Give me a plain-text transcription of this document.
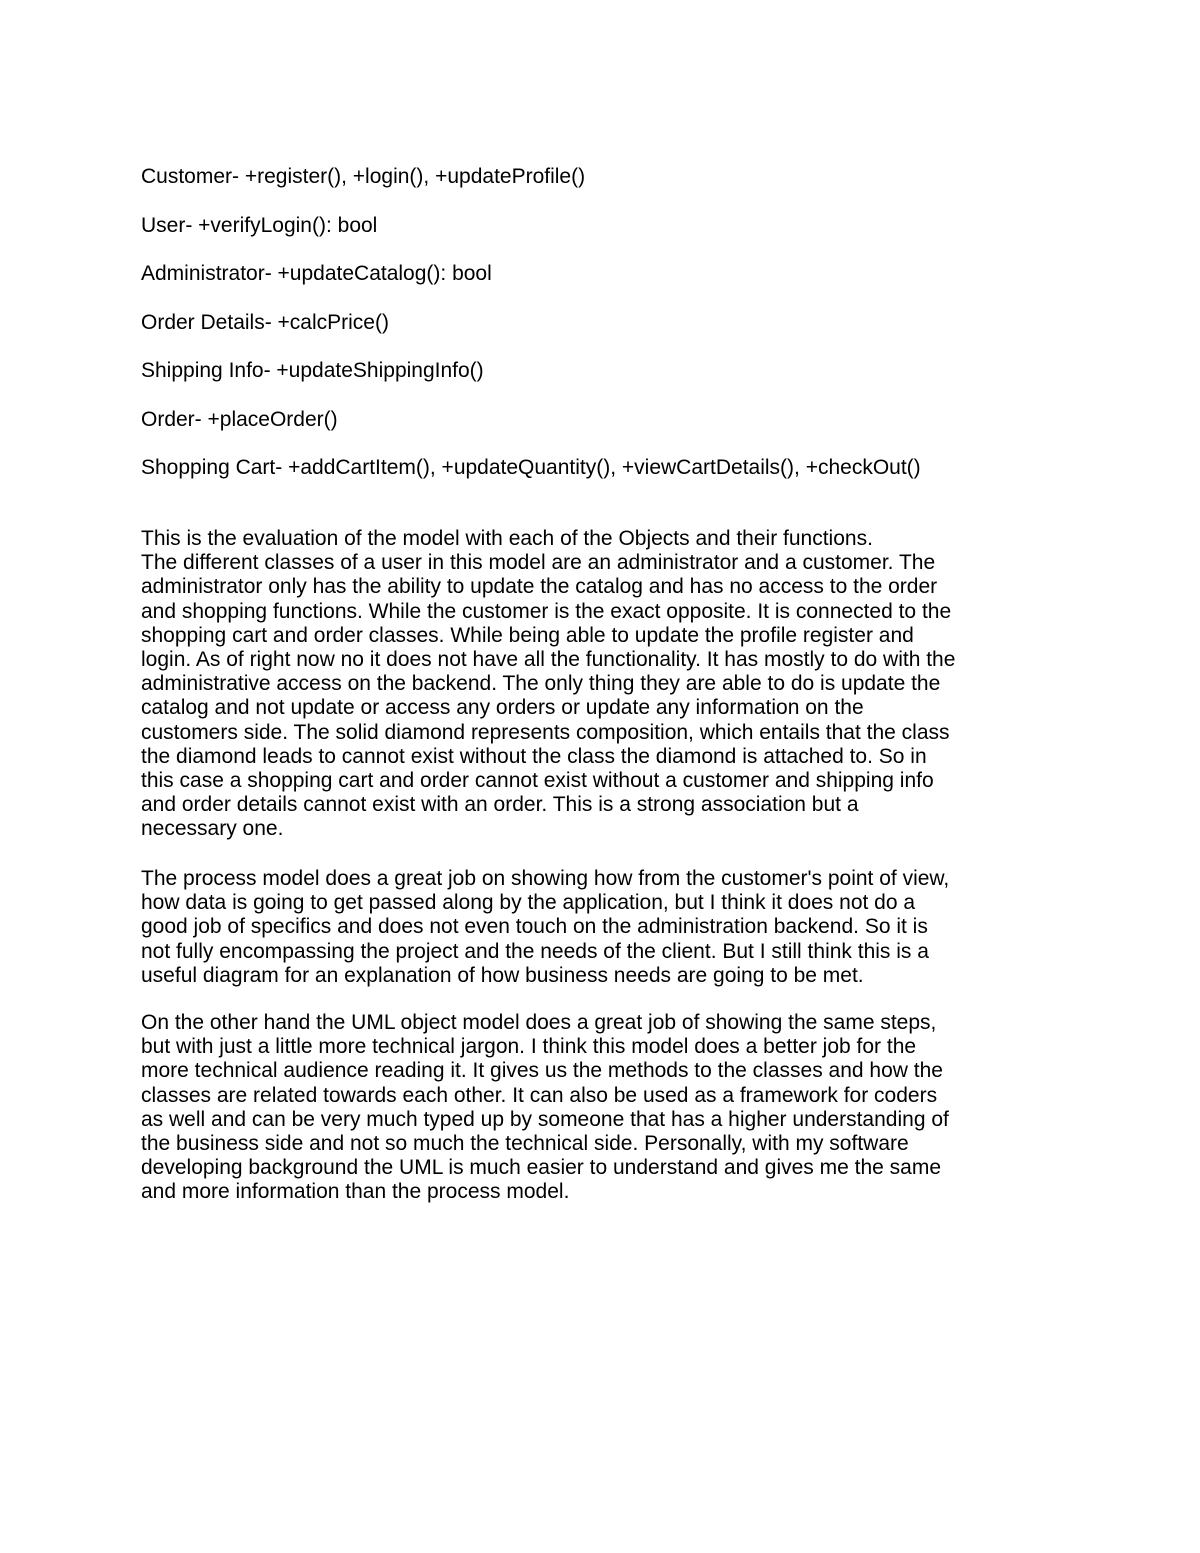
Customer- +register(), +login(), +updateProfile()
User- +verifyLogin(): bool
Administrator- +updateCatalog(): bool
Order Details- +calcPrice()
Shipping Info- +updateShippingInfo()
Order- +placeOrder()
Shopping Cart- +addCartItem(), +updateQuantity(), +viewCartDetails(), +checkOut()
This is the evaluation of the model with each of the Objects and their functions.
The different classes of a user in this model are an administrator and a customer. The
administrator only has the ability to update the catalog and has no access to the order
and shopping functions. While the customer is the exact opposite. It is connected to the
shopping cart and order classes. While being able to update the profile register and
login. As of right now no it does not have all the functionality. It has mostly to do with the
administrative access on the backend. The only thing they are able to do is update the
catalog and not update or access any orders or update any information on the
customers side. The solid diamond represents composition, which entails that the class
the diamond leads to cannot exist without the class the diamond is attached to. So in
this case a shopping cart and order cannot exist without a customer and shipping info
and order details cannot exist with an order. This is a strong association but a
necessary one.
The process model does a great job on showing how from the customer's point of view,
how data is going to get passed along by the application, but I think it does not do a
good job of specifics and does not even touch on the administration backend. So it is
not fully encompassing the project and the needs of the client. But I still think this is a
useful diagram for an explanation of how business needs are going to be met.
On the other hand the UML object model does a great job of showing the same steps,
but with just a little more technical jargon. I think this model does a better job for the
more technical audience reading it. It gives us the methods to the classes and how the
classes are related towards each other. It can also be used as a framework for coders
as well and can be very much typed up by someone that has a higher understanding of
the business side and not so much the technical side. Personally, with my software
developing background the UML is much easier to understand and gives me the same
and more information than the process model.
